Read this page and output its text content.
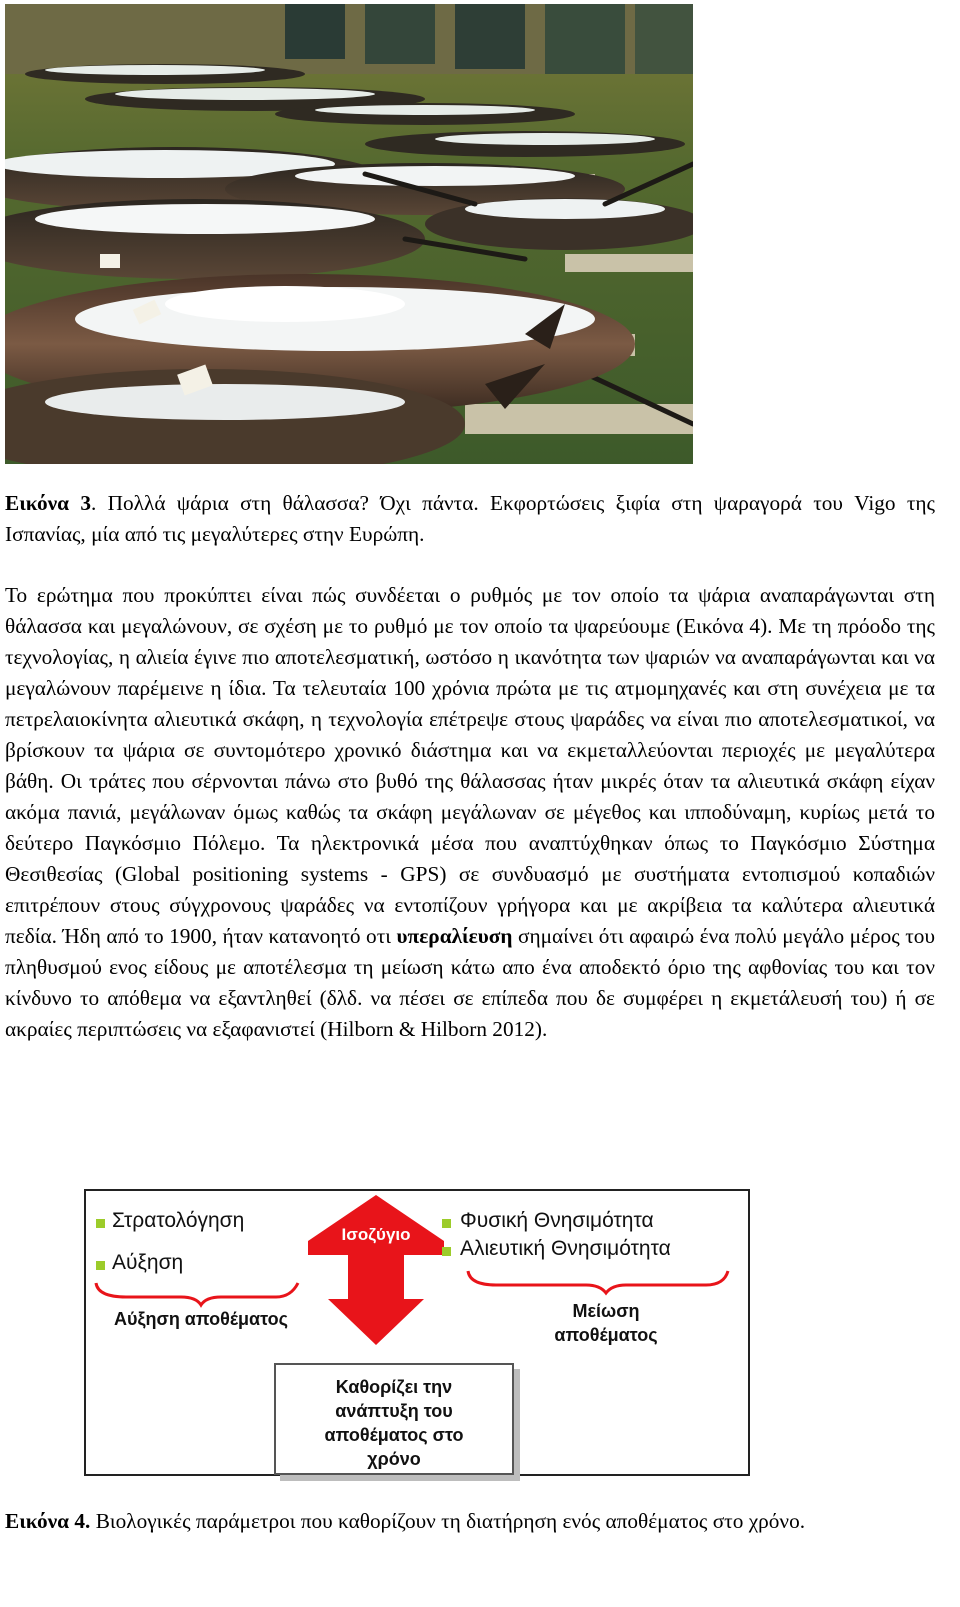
Εικόνα 3. Πολλά ψάρια στη θάλασσα? Όχι πάντα. Εκφορτώσεις ξιφία στη ψαραγορά του Vigo της Ισπανίας, μία από τις μεγαλύτερες στην Ευρώπη.
Το ερώτημα που προκύπτει είναι πώς συνδέεται ο ρυθμός με τον οποίο τα ψάρια αναπαράγωνται στη θάλασσα και μεγαλώνουν, σε σχέση με το ρυθμό με τον οποίο τα ψαρεύουμε (Εικόνα 4). Με τη πρόοδο της τεχνολογίας, η αλιεία έγινε πιο αποτελεσματική, ωστόσο η ικανότητα των ψαριών να αναπαράγωνται και να μεγαλώνουν παρέμεινε η ίδια. Τα τελευταία 100 χρόνια πρώτα με τις ατμομηχανές και στη συνέχεια με τα πετρελαιοκίνητα αλιευτικά σκάφη, η τεχνολογία επέτρεψε στους ψαράδες να είναι πιο αποτελεσματικοί, να βρίσκουν τα ψάρια σε συντομότερο χρονικό διάστημα και να εκμεταλλεύονται περιοχές με μεγαλύτερα βάθη. Οι τράτες που σέρνονται πάνω στο βυθό της θάλασσας ήταν μικρές όταν τα αλιευτικά σκάφη είχαν ακόμα πανιά, μεγάλωναν όμως καθώς τα σκάφη μεγάλωναν σε μέγεθος και ιπποδύναμη, κυρίως μετά το δεύτερο Παγκόσμιο Πόλεμο. Τα ηλεκτρονικά μέσα που αναπτύχθηκαν όπως το Παγκόσμιο Σύστημα Θεσιθεσίας (Global positioning systems - GPS) σε συνδυασμό με συστήματα εντοπισμού κοπαδιών επιτρέπουν στους σύγχρονους ψαράδες να εντοπίζουν γρήγορα και με ακρίβεια τα καλύτερα αλιευτικά πεδία. Ήδη από το 1900, ήταν κατανοητό οτι υπεραλίευση σημαίνει ότι αφαιρώ ένα πολύ μεγάλο μέρος του πληθυσμού ενος είδους με αποτέλεσμα τη μείωση κάτω απο ένα αποδεκτό όριο της αφθονίας του και τον κίνδυνο το απόθεμα να εξαντληθεί (δλδ. να πέσει σε επίπεδα που δε συμφέρει η εκμετάλευσή του) ή σε ακραίες περιπτώσεις να εξαφανιστεί (Hilborn & Hilborn 2012).
Στρατολόγηση
Αύξηση
Αύξηση αποθέματος
Ισοζύγιο
Φυσική Θνησιμότητα
Αλιευτική Θνησιμότητα
Μείωση
αποθέματος
Καθορίζει την
ανάπτυξη του
αποθέματος στο
χρόνο
Εικόνα 4. Βιολογικές παράμετροι που καθορίζουν τη διατήρηση ενός αποθέματος στο χρόνο.
